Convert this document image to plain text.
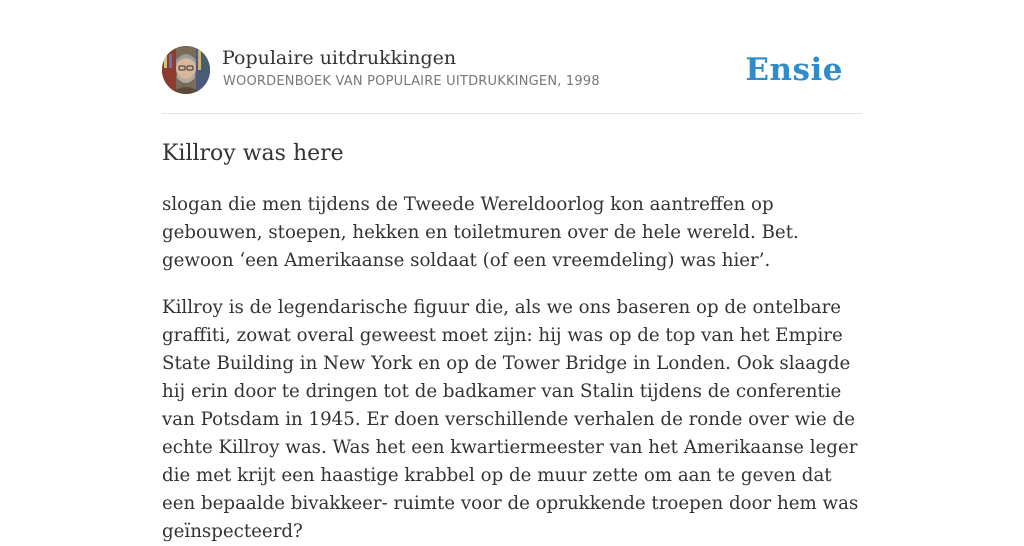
Populaire uitdrukkingen
WOORDENBOEK VAN POPULAIRE UITDRUKKINGEN, 1998	Ensie
Killroy was here

slogan die men tijdens de Tweede Wereldoorlog kon aantreffen op gebouwen, stoepen, hekken en toiletmuren over de hele wereld. Bet. gewoon ‘een Amerikaanse soldaat (of een vreemdeling) was hier’.

Killroy is de legendarische figuur die, als we ons baseren op de ontelbare graffiti, zowat overal geweest moet zijn: hij was op de top van het Empire State Building in New York en op de Tower Bridge in Londen. Ook slaagde hij erin door te dringen tot de badkamer van Stalin tijdens de conferentie van Potsdam in 1945. Er doen verschillende verhalen de ronde over wie de echte Killroy was. Was het een kwartiermeester van het Amerikaanse leger die met krijt een haastige krabbel op de muur zette om aan te geven dat een bepaalde bivakkeer- ruimte voor de oprukkende troepen door hem was geïnspecteerd?
